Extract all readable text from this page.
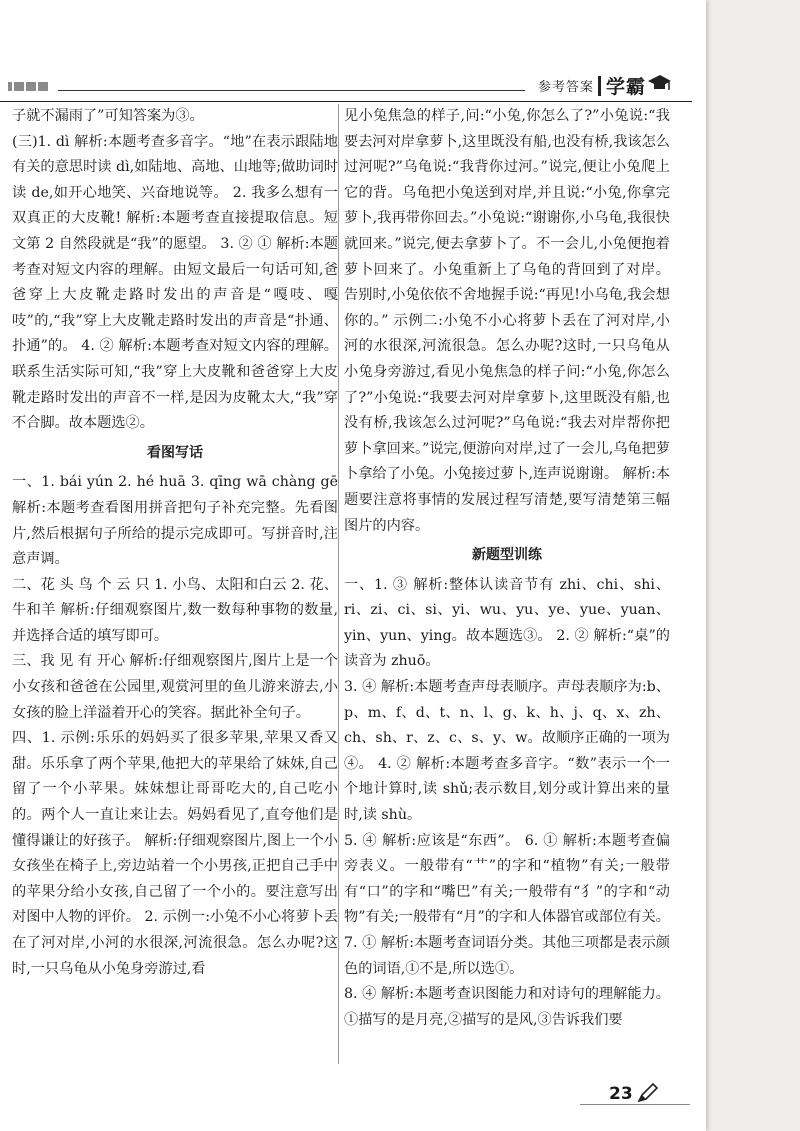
参考答案 学霸

子就不漏雨了”可知答案为③。

(三)1. dì 解析:本题考查多音字。“地”在表示跟陆地有关的意思时读 dì,如陆地、高地、山地等;做助词时读 de,如开心地笑、兴奋地说等。 2. 我多么想有一双真正的大皮靴! 解析:本题考查直接提取信息。短文第 2 自然段就是“我”的愿望。 3. ② ① 解析:本题考查对短文内容的理解。由短文最后一句话可知,爸爸穿上大皮靴走路时发出的声音是“嘎吱、嘎吱”的,“我”穿上大皮靴走路时发出的声音是“扑通、扑通”的。 4. ② 解析:本题考查对短文内容的理解。联系生活实际可知,“我”穿上大皮靴和爸爸穿上大皮靴走路时发出的声音不一样,是因为皮靴太大,“我”穿不合脚。故本题选②。

看图写话

一、1. bái yún 2. hé huā 3. qīng wā chàng gē 解析:本题考查看图用拼音把句子补充完整。先看图片,然后根据句子所给的提示完成即可。写拼音时,注意声调。

二、花 头 鸟 个 云 只 1. 小鸟、太阳和白云 2. 花、牛和羊 解析:仔细观察图片,数一数每种事物的数量,并选择合适的填写即可。

三、我 见 有 开心 解析:仔细观察图片,图片上是一个小女孩和爸爸在公园里,观赏河里的鱼儿游来游去,小女孩的脸上洋溢着开心的笑容。据此补全句子。

四、1. 示例:乐乐的妈妈买了很多苹果,苹果又香又甜。乐乐拿了两个苹果,他把大的苹果给了妹妹,自己留了一个小苹果。妹妹想让哥哥吃大的,自己吃小的。两个人一直让来让去。妈妈看见了,直夸他们是懂得谦让的好孩子。 解析:仔细观察图片,图上一个小女孩坐在椅子上,旁边站着一个小男孩,正把自己手中的苹果分给小女孩,自己留了一个小的。要注意写出对图中人物的评价。 2. 示例一:小兔不小心将萝卜丢在了河对岸,小河的水很深,河流很急。怎么办呢?这时,一只乌龟从小兔身旁游过,看

见小兔焦急的样子,问:“小兔,你怎么了?”小兔说:“我要去河对岸拿萝卜,这里既没有船,也没有桥,我该怎么过河呢?”乌龟说:“我背你过河。”说完,便让小兔爬上它的背。乌龟把小兔送到对岸,并且说:“小兔,你拿完萝卜,我再带你回去。”小兔说:“谢谢你,小乌龟,我很快就回来。”说完,便去拿萝卜了。不一会儿,小兔便抱着萝卜回来了。小兔重新上了乌龟的背回到了对岸。告别时,小兔依依不舍地握手说:“再见!小乌龟,我会想你的。” 示例二:小兔不小心将萝卜丢在了河对岸,小河的水很深,河流很急。怎么办呢?这时,一只乌龟从小兔身旁游过,看见小兔焦急的样子问:“小兔,你怎么了?”小兔说:“我要去河对岸拿萝卜,这里既没有船,也没有桥,我该怎么过河呢?”乌龟说:“我去对岸帮你把萝卜拿回来。”说完,便游向对岸,过了一会儿,乌龟把萝卜拿给了小兔。小兔接过萝卜,连声说谢谢。 解析:本题要注意将事情的发展过程写清楚,要写清楚第三幅图片的内容。

新题型训练

一、1. ③ 解析:整体认读音节有 zhi、chi、shi、ri、zi、ci、si、yi、wu、yu、ye、yue、yuan、yin、yun、ying。故本题选③。 2. ② 解析:“桌”的读音为 zhuō。

3. ④ 解析:本题考查声母表顺序。声母表顺序为:b、p、m、f、d、t、n、l、g、k、h、j、q、x、zh、ch、sh、r、z、c、s、y、w。故顺序正确的一项为④。 4. ② 解析:本题考查多音字。“数”表示一个一个地计算时,读 shǔ;表示数目,划分或计算出来的量时,读 shù。

5. ④ 解析:应该是“东西”。 6. ① 解析:本题考查偏旁表义。一般带有“艹”的字和“植物”有关;一般带有“口”的字和“嘴巴”有关;一般带有“犭”的字和“动物”有关;一般带有“月”的字和人体器官或部位有关。 7. ① 解析:本题考查词语分类。其他三项都是表示颜色的词语,①不是,所以选①。

8. ④ 解析:本题考查识图能力和对诗句的理解能力。①描写的是月亮,②描写的是风,③告诉我们要

23
